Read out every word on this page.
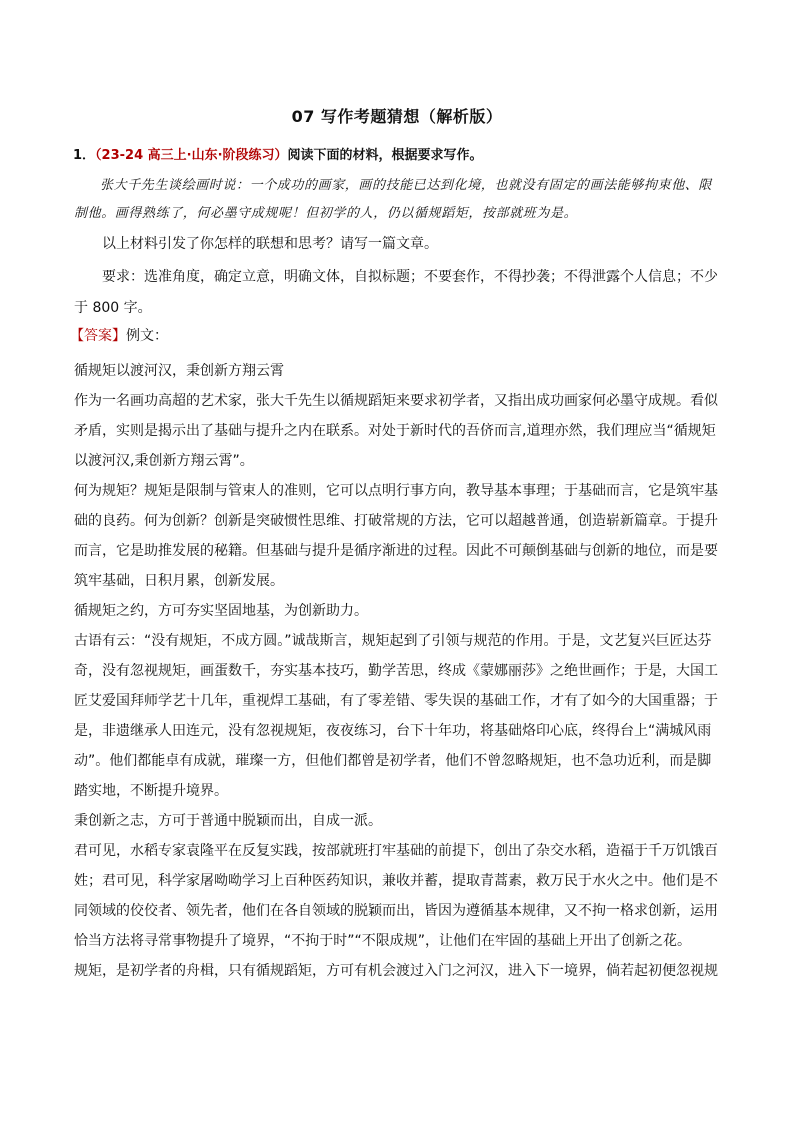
07 写作考题猜想（解析版）
1．（23-24 高三上·山东·阶段练习）阅读下面的材料，根据要求写作。

张大千先生谈绘画时说：一个成功的画家，画的技能已达到化境，也就没有固定的画法能够拘束他、限制他。画得熟练了，何必墨守成规呢！但初学的人，仍以循规蹈矩，按部就班为是。

以上材料引发了你怎样的联想和思考？请写一篇文章。

要求：选准角度，确定立意，明确文体，自拟标题；不要套作，不得抄袭；不得泄露个人信息；不少于 800 字。

【答案】例文：

循规矩以渡河汉，秉创新方翔云霄

作为一名画功高超的艺术家，张大千先生以循规蹈矩来要求初学者，又指出成功画家何必墨守成规。看似矛盾，实则是揭示出了基础与提升之内在联系。对处于新时代的吾侪而言,道理亦然，我们理应当“循规矩以渡河汉,秉创新方翔云霄”。

何为规矩？规矩是限制与管束人的准则，它可以点明行事方向，教导基本事理；于基础而言，它是筑牢基础的良药。何为创新？创新是突破惯性思维、打破常规的方法，它可以超越普通，创造崭新篇章。于提升而言，它是助推发展的秘籍。但基础与提升是循序渐进的过程。因此不可颠倒基础与创新的地位，而是要筑牢基础，日积月累，创新发展。

循规矩之约，方可夯实坚固地基，为创新助力。

古语有云：“没有规矩，不成方圆。”诚哉斯言，规矩起到了引领与规范的作用。于是，文艺复兴巨匠达芬奇，没有忽视规矩，画蛋数千，夯实基本技巧，勤学苦思，终成《蒙娜丽莎》之绝世画作；于是，大国工匠艾爱国拜师学艺十几年，重视焊工基础，有了零差错、零失误的基础工作，才有了如今的大国重器；于是，非遗继承人田连元，没有忽视规矩，夜夜练习，台下十年功，将基础烙印心底，终得台上“满城风雨动”。他们都能卓有成就，璀璨一方，但他们都曾是初学者，他们不曾忽略规矩，也不急功近利，而是脚踏实地，不断提升境界。

秉创新之志，方可于普通中脱颖而出，自成一派。

君可见，水稻专家袁隆平在反复实践，按部就班打牢基础的前提下，创出了杂交水稻，造福于千万饥饿百姓；君可见，科学家屠呦呦学习上百种医药知识，兼收并蓄，提取青蒿素，救万民于水火之中。他们是不同领域的佼佼者、领先者，他们在各自领域的脱颖而出，皆因为遵循基本规律，又不拘一格求创新，运用恰当方法将寻常事物提升了境界，“不拘于时”“不限成规”，让他们在牢固的基础上开出了创新之花。

规矩，是初学者的舟楫，只有循规蹈矩，方可有机会渡过入门之河汉，进入下一境界，倘若起初便忽视规
